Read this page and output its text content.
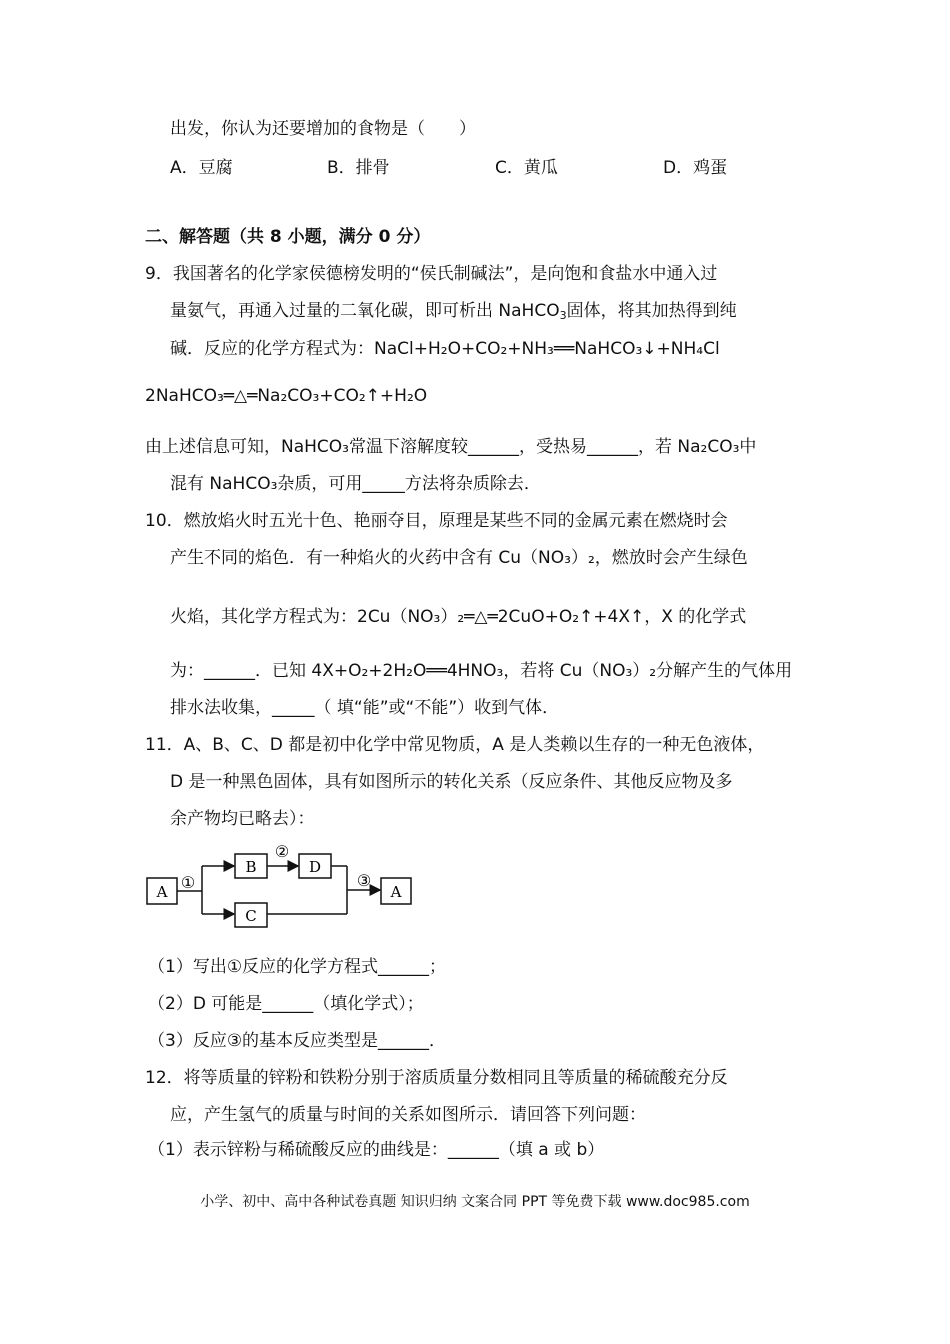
出发，你认为还要增加的食物是（　　）
A．豆腐	B．排骨	C．黄瓜	D．鸡蛋
二、解答题（共 8 小题，满分 0 分）
9．我国著名的化学家侯德榜发明的“侯氏制碱法”，是向饱和食盐水中通入过
量氨气，再通入过量的二氧化碳，即可析出 NaHCO$_3$固体，将其加热得到纯
碱．反应的化学方程式为：NaCl+H₂O+CO₂+NH₃══NaHCO₃↓+NH₄Cl
2NaHCO₃═△═Na₂CO₃+CO₂↑+H₂O
由上述信息可知，NaHCO₃常温下溶解度较______，受热易______，若 Na₂CO₃中
混有 NaHCO₃杂质，可用_____方法将杂质除去．
10．燃放焰火时五光十色、艳丽夺目，原理是某些不同的金属元素在燃烧时会
产生不同的焰色．有一种焰火的火药中含有 Cu（NO₃）₂，燃放时会产生绿色
火焰，其化学方程式为：2Cu（NO₃）₂═△═2CuO+O₂↑+4X↑，X 的化学式
为：______．已知 4X+O₂+2H₂O══4HNO₃，若将 Cu（NO₃）₂分解产生的气体用
排水法收集，_____（ 填“能”或“不能”）收到气体．
11．A、B、C、D 都是初中化学中常见物质，A 是人类赖以生存的一种无色液体，
D 是一种黑色固体，具有如图所示的转化关系（反应条件、其他反应物及多
余产物均已略去）：
A ①
B
②
D
C
③
A
（1）写出①反应的化学方程式______；
（2）D 可能是______（填化学式）；
（3）反应③的基本反应类型是______．
12．将等质量的锌粉和铁粉分别于溶质质量分数相同且等质量的稀硫酸充分反
应，产生氢气的质量与时间的关系如图所示．请回答下列问题：
（1）表示锌粉与稀硫酸反应的曲线是：______（填 a 或 b）
小学、初中、高中各种试卷真题 知识归纳 文案合同 PPT 等免费下载 www.doc985.com
